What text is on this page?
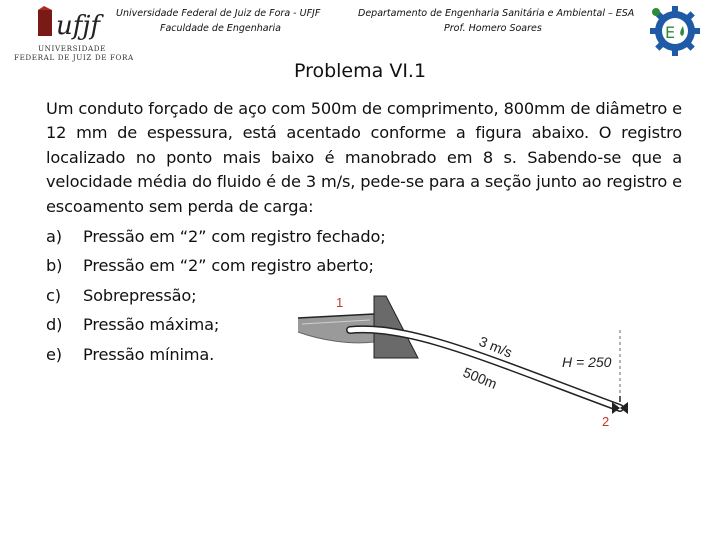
Universidade Federal de Juiz de Fora - UFJF
Faculdade de Engenharia
Departamento de Engenharia Sanitária e Ambiental – ESA
Prof. Homero Soares
ufjf
UNIVERSIDADE
FEDERAL DE JUIZ DE FORA
E
Problema VI.1

Um conduto forçado de aço com 500m de comprimento, 800mm de diâmetro e 12 mm de espessura, está acentado conforme a figura abaixo. O registro localizado no ponto mais baixo é manobrado em 8 s. Sabendo-se que a velocidade média do fluido é de 3 m/s, pede-se para a seção junto ao registro e escoamento sem perda de carga:

a) Pressão em “2” com registro fechado;
b) Pressão em “2” com registro aberto;
c) Sobrepressão;
d) Pressão máxima;
e) Pressão mínima.
1
2
3 m/s
500m
H = 250
